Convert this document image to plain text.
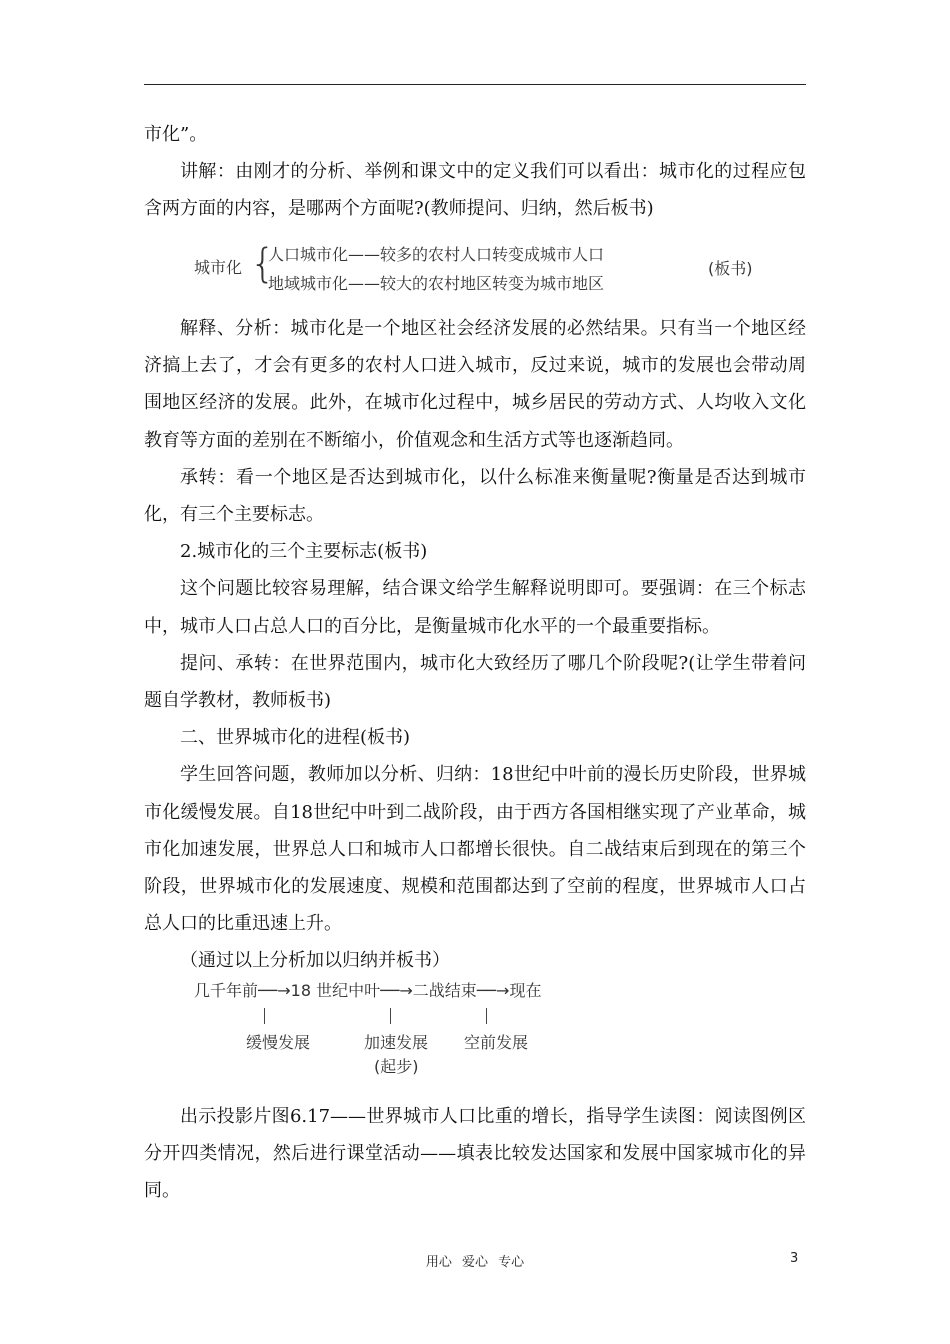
市化”。

讲解：由刚才的分析、举例和课文中的定义我们可以看出：城市化的过程应包含两方面的内容，是哪两个方面呢?(教师提问、归纳，然后板书)

城市化 {
人口城市化——较多的农村人口转变成城市人口
地域城市化——较大的农村地区转变为城市地区
(板书)

解释、分析：城市化是一个地区社会经济发展的必然结果。只有当一个地区经济搞上去了，才会有更多的农村人口进入城市，反过来说，城市的发展也会带动周围地区经济的发展。此外，在城市化过程中，城乡居民的劳动方式、人均收入文化教育等方面的差别在不断缩小，价值观念和生活方式等也逐渐趋同。

承转：看一个地区是否达到城市化，以什么标准来衡量呢?衡量是否达到城市化，有三个主要标志。

2.城市化的三个主要标志(板书)

这个问题比较容易理解，结合课文给学生解释说明即可。要强调：在三个标志中，城市人口占总人口的百分比，是衡量城市化水平的一个最重要指标。

提问、承转：在世界范围内，城市化大致经历了哪几个阶段呢?(让学生带着问题自学教材，教师板书)

二、世界城市化的进程(板书)

学生回答问题，教师加以分析、归纳：18世纪中叶前的漫长历史阶段，世界城市化缓慢发展。自18世纪中叶到二战阶段，由于西方各国相继实现了产业革命，城市化加速发展，世界总人口和城市人口都增长很快。自二战结束后到现在的第三个阶段，世界城市化的发展速度、规模和范围都达到了空前的程度，世界城市人口占总人口的比重迅速上升。

（通过以上分析加以归纳并板书）

几千年前──→18 世纪中叶──→二战结束──→现在
缓慢发展	加速发展
(起步)
空前发展

出示投影片图6.17——世界城市人口比重的增长，指导学生读图：阅读图例区分开四类情况，然后进行课堂活动——填表比较发达国家和发展中国家城市化的异同。

用心 爱心 专心	3
